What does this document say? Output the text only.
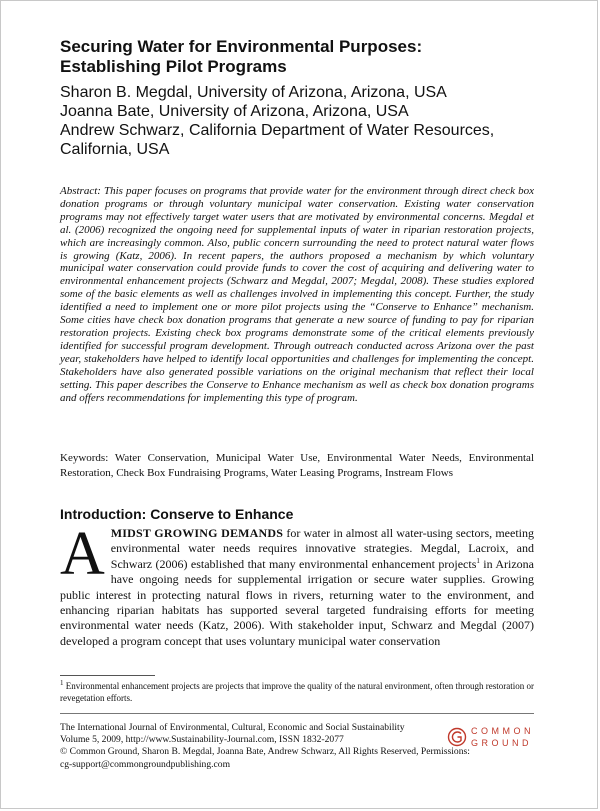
Securing Water for Environmental Purposes:
Establishing Pilot Programs
Sharon B. Megdal, University of Arizona, Arizona, USA
Joanna Bate, University of Arizona, Arizona, USA
Andrew Schwarz, California Department of Water Resources,
California, USA

Abstract: This paper focuses on programs that provide water for the environment through direct check box donation programs or through voluntary municipal water conservation. Existing water conservation programs may not effectively target water users that are motivated by environmental concerns. Megdal et al. (2006) recognized the ongoing need for supplemental inputs of water in riparian restoration projects, which are increasingly common. Also, public concern surrounding the need to protect natural water flows is growing (Katz, 2006). In recent papers, the authors proposed a mechanism by which voluntary municipal water conservation could provide funds to cover the cost of acquiring and delivering water to environmental enhancement projects (Schwarz and Megdal, 2007; Megdal, 2008). These studies explored some of the basic elements as well as challenges involved in implementing this concept. Further, the study identified a need to implement one or more pilot projects using the “Conserve to Enhance” mechanism. Some cities have check box donation programs that generate a new source of funding to pay for riparian restoration projects. Existing check box programs demonstrate some of the critical elements previously identified for successful program development. Through outreach conducted across Arizona over the past year, stakeholders have helped to identify local opportunities and challenges for implementing the concept. Stakeholders have also generated possible variations on the original mechanism that reflect their local setting. This paper describes the Conserve to Enhance mechanism as well as check box donation programs and offers recommendations for implementing this type of program.

Keywords: Water Conservation, Municipal Water Use, Environmental Water Needs, Environmental Restoration, Check Box Fundraising Programs, Water Leasing Programs, Instream Flows

Introduction: Conserve to Enhance

AMIDST GROWING DEMANDS for water in almost all water-using sectors, meeting environmental water needs requires innovative strategies. Megdal, Lacroix, and Schwarz (2006) established that many environmental enhancement projects$^1$ in Arizona have ongoing needs for supplemental irrigation or secure water supplies. Growing public interest in protecting natural flows in rivers, returning water to the environment, and enhancing riparian habitats has supported several targeted fundraising efforts for meeting environmental water needs (Katz, 2006). With stakeholder input, Schwarz and Megdal (2007) developed a program concept that uses voluntary municipal water conservation

$^1$ Environmental enhancement projects are projects that improve the quality of the natural environment, often through restoration or revegetation efforts.

The International Journal of Environmental, Cultural, Economic and Social Sustainability
Volume 5, 2009, http://www.Sustainability-Journal.com, ISSN 1832-2077
© Common Ground, Sharon B. Megdal, Joanna Bate, Andrew Schwarz, All Rights Reserved, Permissions:
cg-support@commongroundpublishing.com
COMMON
GROUND
